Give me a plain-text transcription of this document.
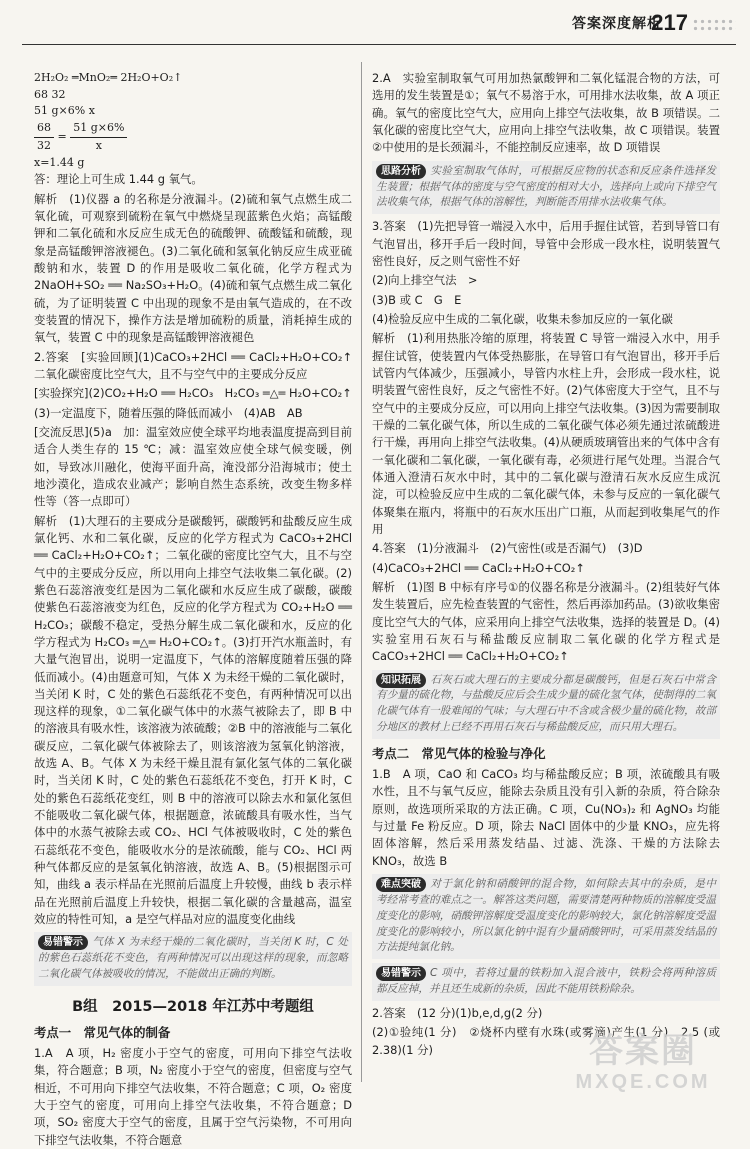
答案深度解析
217

2H₂O₂ ═MnO₂═ 2H₂O+O₂↑

68 32

51 g×6% x

$\frac{68}{32} = \frac{51 g\times 6\%}{x}$

x=1.44 g

答：理论上可生成 1.44 g 氧气。

解析　(1)仪器 a 的名称是分液漏斗。(2)硫和氧气点燃生成二氧化硫，可观察到硫粉在氧气中燃烧呈现蓝紫色火焰；高锰酸钾和二氧化硫和水反应生成无色的硫酸钾、硫酸锰和硫酸，现象是高锰酸钾溶液褪色。(3)二氧化硫和氢氧化钠反应生成亚硫酸钠和水，装置 D 的作用是吸收二氧化硫，化学方程式为 2NaOH+SO₂ ══ Na₂SO₃+H₂O。(4)硫和氧气点燃生成二氧化硫，为了证明装置 C 中出现的现象不是由氧气造成的，在不改变装置的情况下，操作方法是增加硫粉的质量，消耗掉生成的氧气，装置 C 中的现象是高锰酸钾溶液褪色

2.答案　[实验回顾](1)CaCO₃+2HCl ══ CaCl₂+H₂O+CO₂↑　二氧化碳密度比空气大，且不与空气中的主要成分反应

[实验探究](2)CO₂+H₂O ══ H₂CO₃　H₂CO₃ ═△═ H₂O+CO₂↑

(3)一定温度下，随着压强的降低而减小　(4)AB　AB

[交流反思](5)a　加：温室效应使全球平均地表温度提高到目前适合人类生存的 15 ℃；减：温室效应使全球气候变暖，例如，导致冰川融化，使海平面升高，淹没部分沿海城市；使土地沙漠化，造成农业减产；影响自然生态系统，改变生物多样性等（答一点即可）

解析　(1)大理石的主要成分是碳酸钙，碳酸钙和盐酸反应生成氯化钙、水和二氧化碳，反应的化学方程式为 CaCO₃+2HCl ══ CaCl₂+H₂O+CO₂↑；二氧化碳的密度比空气大，且不与空气中的主要成分反应，所以用向上排空气法收集二氧化碳。(2)紫色石蕊溶液变红是因为二氧化碳和水反应生成了碳酸，碳酸使紫色石蕊溶液变为红色，反应的化学方程式为 CO₂+H₂O ══ H₂CO₃；碳酸不稳定，受热分解生成二氧化碳和水，反应的化学方程式为 H₂CO₃ ═△═ H₂O+CO₂↑。(3)打开汽水瓶盖时，有大量气泡冒出，说明一定温度下，气体的溶解度随着压强的降低而减小。(4)由题意可知，气体 X 为未经干燥的二氧化碳时，当关闭 K 时，C 处的紫色石蕊纸花不变色，有两种情况可以出现这样的现象，①二氧化碳气体中的水蒸气被除去了，即 B 中的溶液具有吸水性，该溶液为浓硫酸；②B 中的溶液能与二氧化碳反应，二氧化碳气体被除去了，则该溶液为氢氧化钠溶液，故选 A、B。气体 X 为未经干燥且混有氯化氢气体的二氧化碳时，当关闭 K 时，C 处的紫色石蕊纸花不变色，打开 K 时，C 处的紫色石蕊纸花变红，则 B 中的溶液可以除去水和氯化氢但不能吸收二氧化碳气体，根据题意，浓硫酸具有吸水性，当气体中的水蒸气被除去或 CO₂、HCl 气体被吸收时，C 处的紫色石蕊纸花不变色，能吸收水分的是浓硫酸，能与 CO₂、HCl 两种气体都反应的是氢氧化钠溶液，故选 A、B。(5)根据图示可知，曲线 a 表示样品在光照前后温度上升较慢，曲线 b 表示样品在光照前后温度上升较快，根据二氧化碳的含量越高，温室效应的特性可知，a 是空气样品对应的温度变化曲线

易错警示 气体 X 为未经干燥的二氧化碳时，当关闭 K 时，C 处的紫色石蕊纸花不变色，有两种情况可以出现这样的现象，而忽略二氧化碳气体被吸收的情况，不能做出正确的判断。
B组　2015—2018 年江苏中考题组
考点一　常见气体的制备

1.A　A 项，H₂ 密度小于空气的密度，可用向下排空气法收集，符合题意；B 项，N₂ 密度小于空气的密度，但密度与空气相近，不可用向下排空气法收集，不符合题意；C 项，O₂ 密度大于空气的密度，可用向上排空气法收集，不符合题意；D 项，SO₂ 密度大于空气的密度，且属于空气污染物，不可用向下排空气法收集，不符合题意

2.A　实验室制取氧气可用加热氯酸钾和二氧化锰混合物的方法，可选用的发生装置是①；氧气不易溶于水，可用排水法收集，故 A 项正确。氧气的密度比空气大，应用向上排空气法收集，故 B 项错误。二氧化碳的密度比空气大，应用向上排空气法收集，故 C 项错误。装置②中使用的是长颈漏斗，不能控制反应速率，故 D 项错误

思路分析 实验室制取气体时，可根据反应物的状态和反应条件选择发生装置；根据气体的密度与空气密度的相对大小，选择向上或向下排空气法收集气体，根据气体的溶解性，判断能否用排水法收集气体。

3.答案　(1)先把导管一端浸入水中，后用手握住试管，若到导管口有气泡冒出，移开手后一段时间，导管中会形成一段水柱，说明装置气密性良好，反之则气密性不好

(2)向上排空气法　>

(3)B 或 C　G　E

(4)检验反应中生成的二氧化碳，收集未参加反应的一氧化碳

解析　(1)利用热胀冷缩的原理，将装置 C 导管一端浸入水中，用手握住试管，使装置内气体受热膨胀，在导管口有气泡冒出，移开手后试管内气体减少，压强减小，导管内水柱上升，会形成一段水柱，说明装置气密性良好，反之气密性不好。(2)气体密度大于空气，且不与空气中的主要成分反应，可以用向上排空气法收集。(3)因为需要制取干燥的二氧化碳气体，所以生成的二氧化碳气体必须先通过浓硫酸进行干燥，再用向上排空气法收集。(4)从硬质玻璃管出来的气体中含有一氧化碳和二氧化碳，一氧化碳有毒，必须进行尾气处理。当混合气体通入澄清石灰水中时，其中的二氧化碳与澄清石灰水反应生成沉淀，可以检验反应中生成的二氧化碳气体，未参与反应的一氧化碳气体聚集在瓶内，将瓶中的石灰水压出广口瓶，从而起到收集尾气的作用

4.答案　(1)分液漏斗　(2)气密性(或是否漏气)　(3)D

(4)CaCO₃+2HCl ══ CaCl₂+H₂O+CO₂↑

解析　(1)图 B 中标有序号①的仪器名称是分液漏斗。(2)组装好气体发生装置后，应先检查装置的气密性，然后再添加药品。(3)欲收集密度比空气大的气体，应采用向上排空气法收集，选择的装置是 D。(4)实验室用石灰石与稀盐酸反应制取二氧化碳的化学方程式是 CaCO₃+2HCl ══ CaCl₂+H₂O+CO₂↑

知识拓展 石灰石或大理石的主要成分都是碳酸钙，但是石灰石中常含有少量的硫化物，与盐酸反应后会生成少量的硫化氢气体，使制得的二氧化碳气体有一股难闻的气味；与大理石中不含或含极少量的硫化物，故部分地区的教材上已经不再用石灰石与稀盐酸反应，而只用大理石。
考点二　常见气体的检验与净化

1.B　A 项，CaO 和 CaCO₃ 均与稀盐酸反应；B 项，浓硫酸具有吸水性，且不与氧气反应，能除去杂质且没有引入新的杂质，符合除杂原则，故选项所采取的方法正确。C 项，Cu(NO₃)₂ 和 AgNO₃ 均能与过量 Fe 粉反应。D 项，除去 NaCl 固体中的少量 KNO₃，应先将固体溶解，然后采用蒸发结晶、过滤、洗涤、干燥的方法除去 KNO₃，故选 B

难点突破 对于氯化钠和硝酸钾的混合物，如何除去其中的杂质，是中考经常考查的难点之一。解答这类问题，需要清楚两种物质的溶解度受温度变化的影响，硝酸钾溶解度受温度变化的影响较大，氯化钠溶解度受温度变化的影响较小，所以氯化钠中混有少量硝酸钾时，可采用蒸发结晶的方法提纯氯化钠。
易错警示 C 项中，若将过量的铁粉加入混合液中，铁粉会将两种溶质都反应掉，并且还生成新的杂质，因此不能用铁粉除杂。

2.答案　(12 分)(1)b,e,d,g(2 分)

(2)①验纯(1 分)　②烧杯内壁有水珠(或雾滴)产生(1 分)　2.5 (或 2.38)(1 分)	答案圈
MXQE.COM
